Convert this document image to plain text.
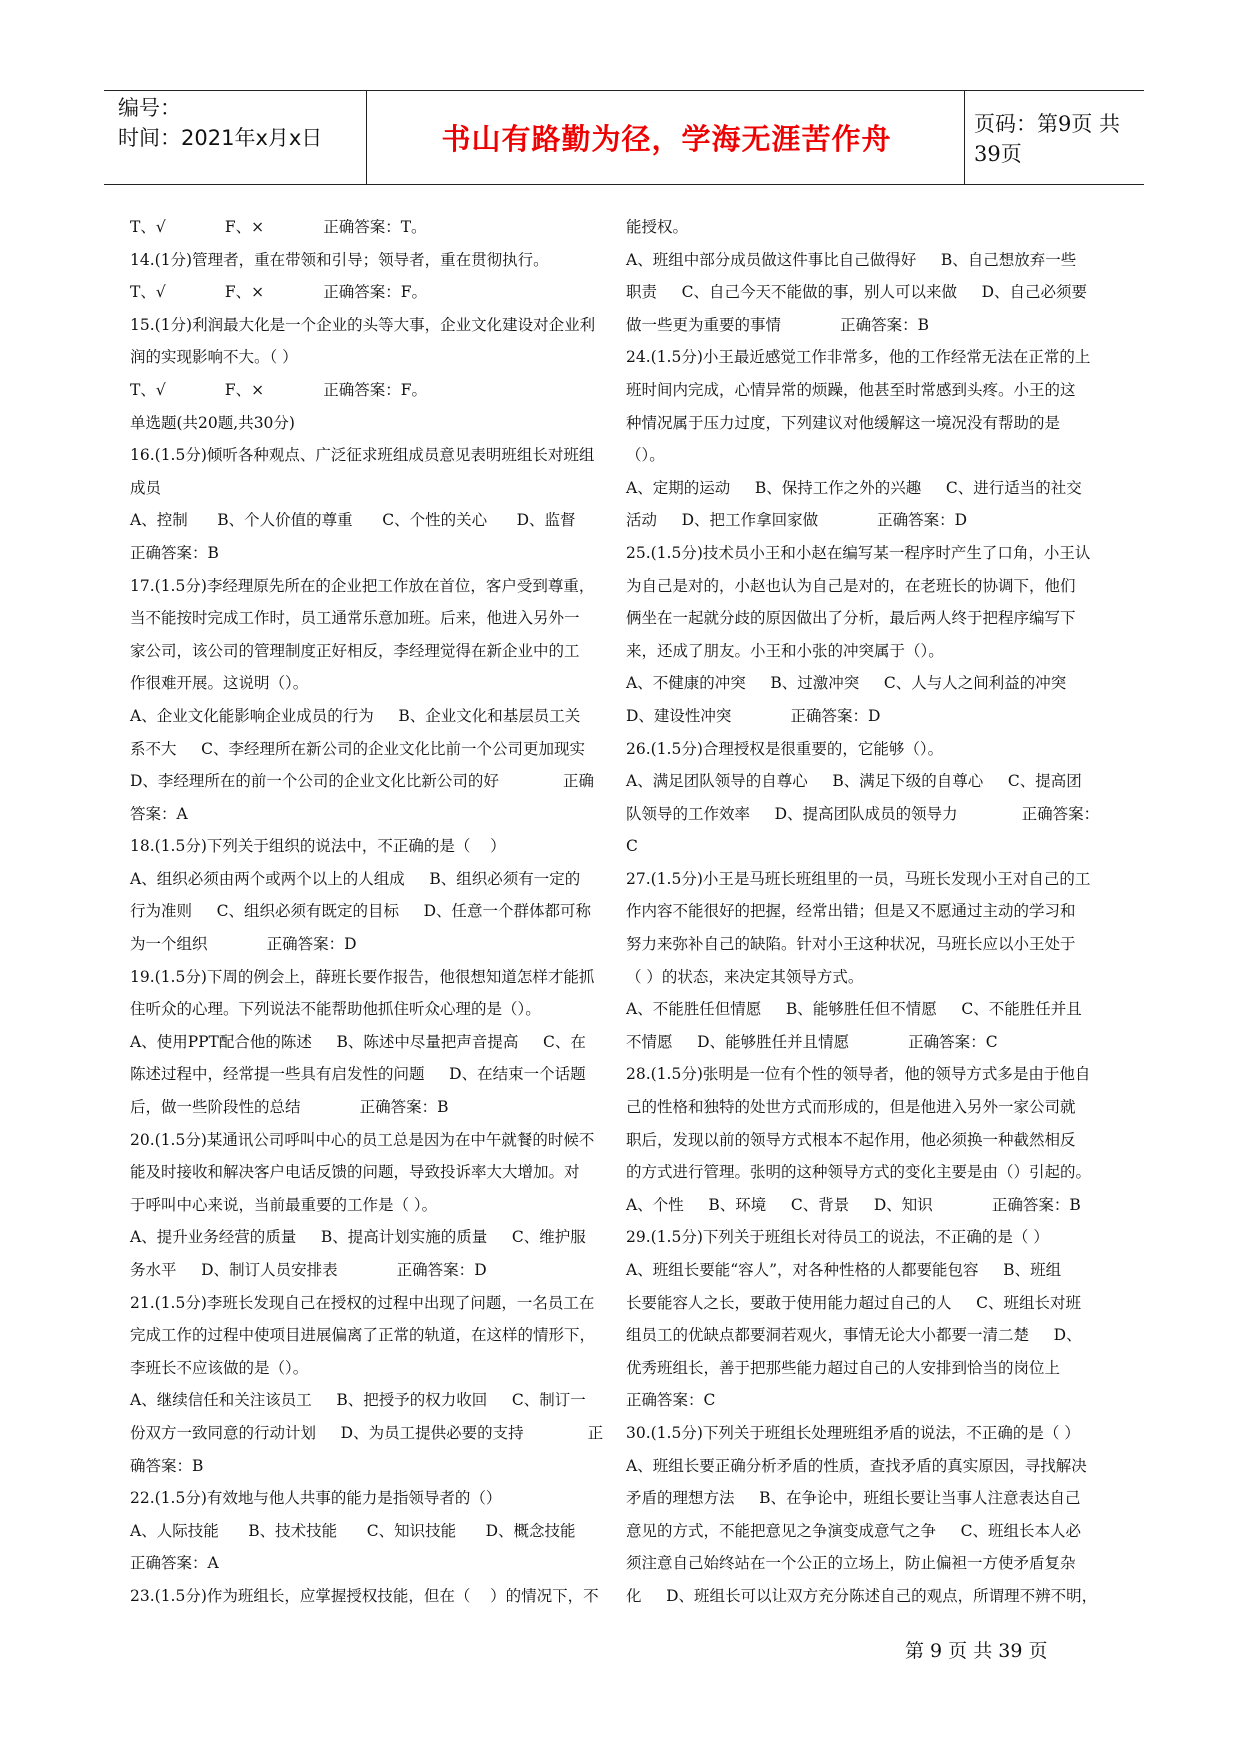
编号：
时间：2021年x月x日	书山有路勤为径，学海无涯苦作舟	页码：第9页 共39页

T、√            F、×            正确答案：T。

14.(1分)管理者，重在带领和引导；领导者，重在贯彻执行。

T、√            F、×            正确答案：F。

15.(1分)利润最大化是一个企业的头等大事，企业文化建设对企业利

润的实现影响不大。（ ）

T、√            F、×            正确答案：F。

单选题(共20题,共30分)

16.(1.5分)倾听各种观点、广泛征求班组成员意见表明班组长对班组

成员

A、控制      B、个人价值的尊重      C、个性的关心      D、监督

正确答案：B

17.(1.5分)李经理原先所在的企业把工作放在首位，客户受到尊重，

当不能按时完成工作时，员工通常乐意加班。后来，他进入另外一

家公司，该公司的管理制度正好相反，李经理觉得在新企业中的工

作很难开展。这说明（）。

A、企业文化能影响企业成员的行为     B、企业文化和基层员工关

系不大     C、李经理所在新公司的企业文化比前一个公司更加现实

D、李经理所在的前一个公司的企业文化比新公司的好             正确

答案：A

18.(1.5分)下列关于组织的说法中，不正确的是（    ）

A、组织必须由两个或两个以上的人组成     B、组织必须有一定的

行为准则     C、组织必须有既定的目标     D、任意一个群体都可称

为一个组织            正确答案：D

19.(1.5分)下周的例会上，薛班长要作报告，他很想知道怎样才能抓

住听众的心理。下列说法不能帮助他抓住听众心理的是（）。

A、使用PPT配合他的陈述     B、陈述中尽量把声音提高     C、在

陈述过程中，经常提一些具有启发性的问题     D、在结束一个话题

后，做一些阶段性的总结            正确答案：B

20.(1.5分)某通讯公司呼叫中心的员工总是因为在中午就餐的时候不

能及时接收和解决客户电话反馈的问题，导致投诉率大大增加。对

于呼叫中心来说，当前最重要的工作是（ ）。

A、提升业务经营的质量     B、提高计划实施的质量     C、维护服

务水平     D、制订人员安排表            正确答案：D

21.(1.5分)李班长发现自己在授权的过程中出现了问题，一名员工在

完成工作的过程中使项目进展偏离了正常的轨道，在这样的情形下，

李班长不应该做的是（）。

A、继续信任和关注该员工     B、把授予的权力收回     C、制订一

份双方一致同意的行动计划     D、为员工提供必要的支持             正

确答案：B

22.(1.5分)有效地与他人共事的能力是指领导者的（）

A、人际技能      B、技术技能      C、知识技能      D、概念技能

正确答案：A

23.(1.5分)作为班组长，应掌握授权技能，但在（    ）的情况下，不

能授权。

A、班组中部分成员做这件事比自己做得好     B、自己想放弃一些

职责     C、自己今天不能做的事，别人可以来做     D、自己必须要

做一些更为重要的事情            正确答案：B

24.(1.5分)小王最近感觉工作非常多，他的工作经常无法在正常的上

班时间内完成，心情异常的烦躁，他甚至时常感到头疼。小王的这

种情况属于压力过度，下列建议对他缓解这一境况没有帮助的是

（）。

A、定期的运动     B、保持工作之外的兴趣     C、进行适当的社交

活动     D、把工作拿回家做            正确答案：D

25.(1.5分)技术员小王和小赵在编写某一程序时产生了口角，小王认

为自己是对的，小赵也认为自己是对的，在老班长的协调下，他们

俩坐在一起就分歧的原因做出了分析，最后两人终于把程序编写下

来，还成了朋友。小王和小张的冲突属于（）。

A、不健康的冲突     B、过激冲突     C、人与人之间利益的冲突

D、建设性冲突            正确答案：D

26.(1.5分)合理授权是很重要的，它能够（）。

A、满足团队领导的自尊心     B、满足下级的自尊心     C、提高团

队领导的工作效率     D、提高团队成员的领导力             正确答案：

C

27.(1.5分)小王是马班长班组里的一员，马班长发现小王对自己的工

作内容不能很好的把握，经常出错；但是又不愿通过主动的学习和

努力来弥补自己的缺陷。针对小王这种状况，马班长应以小王处于

（ ）的状态，来决定其领导方式。

A、不能胜任但情愿     B、能够胜任但不情愿     C、不能胜任并且

不情愿     D、能够胜任并且情愿            正确答案：C

28.(1.5分)张明是一位有个性的领导者，他的领导方式多是由于他自

己的性格和独特的处世方式而形成的，但是他进入另外一家公司就

职后，发现以前的领导方式根本不起作用，他必须换一种截然相反

的方式进行管理。张明的这种领导方式的变化主要是由（）引起的。

A、个性     B、环境     C、背景     D、知识            正确答案：B

29.(1.5分)下列关于班组长对待员工的说法，不正确的是（ ）

A、班组长要能“容人”，对各种性格的人都要能包容     B、班组

长要能容人之长，要敢于使用能力超过自己的人     C、班组长对班

组员工的优缺点都要洞若观火，事情无论大小都要一清二楚     D、

优秀班组长，善于把那些能力超过自己的人安排到恰当的岗位上

正确答案：C

30.(1.5分)下列关于班组长处理班组矛盾的说法，不正确的是（ ）

A、班组长要正确分析矛盾的性质，查找矛盾的真实原因，寻找解决

矛盾的理想方法     B、在争论中，班组长要让当事人注意表达自己

意见的方式，不能把意见之争演变成意气之争     C、班组长本人必

须注意自己始终站在一个公正的立场上，防止偏袒一方使矛盾复杂

化     D、班组长可以让双方充分陈述自己的观点，所谓理不辨不明，

第 9 页 共 39 页
